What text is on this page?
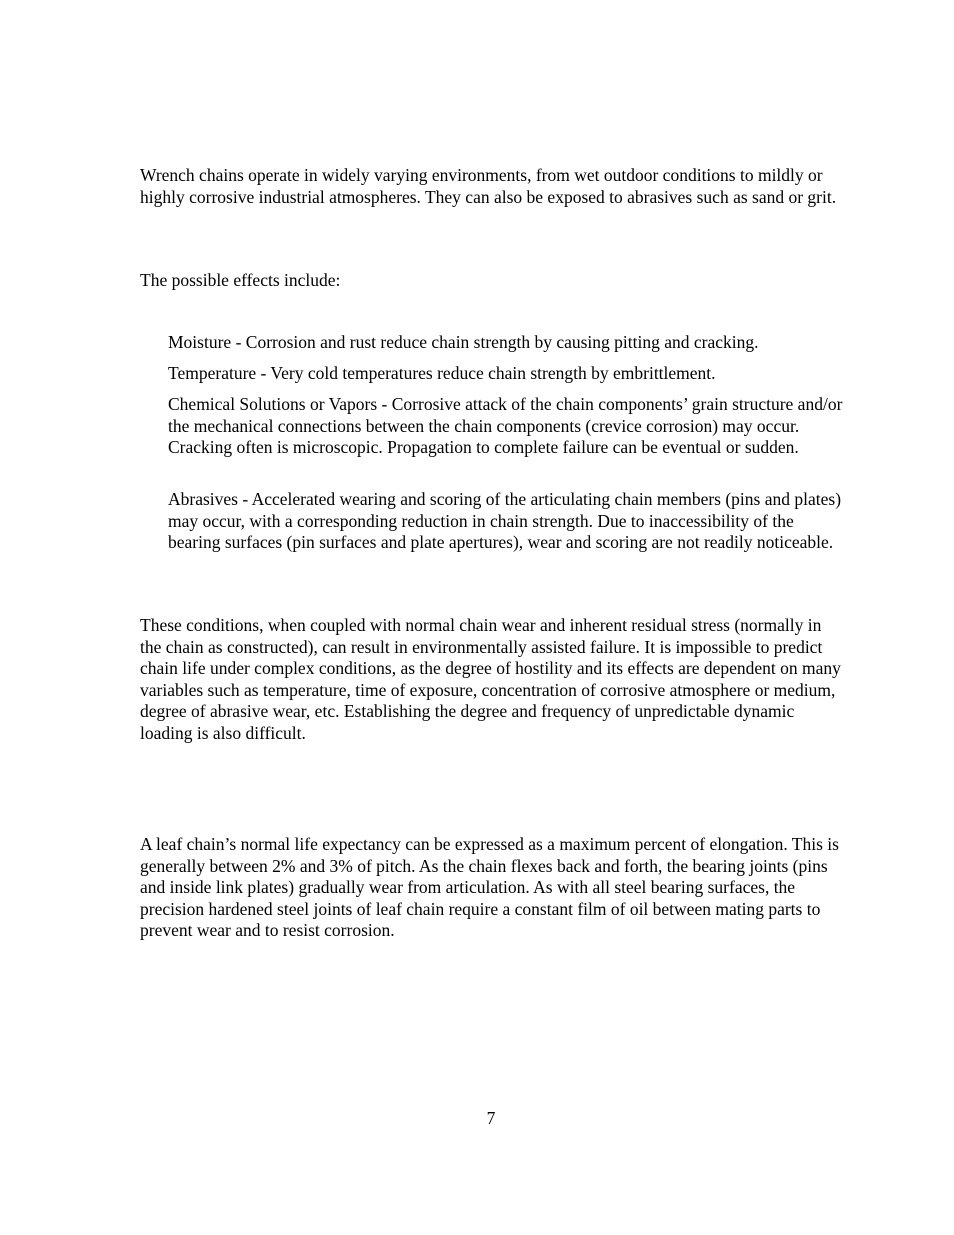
Wrench chains operate in widely varying environments, from wet outdoor conditions to mildly or highly corrosive industrial atmospheres. They can also be exposed to abrasives such as sand or grit.

The possible effects include:

Moisture - Corrosion and rust reduce chain strength by causing pitting and cracking.

Temperature - Very cold temperatures reduce chain strength by embrittlement.

Chemical Solutions or Vapors - Corrosive attack of the chain components’ grain structure and/or the mechanical connections between the chain components (crevice corrosion) may occur. Cracking often is microscopic. Propagation to complete failure can be eventual or sudden.

Abrasives - Accelerated wearing and scoring of the articulating chain members (pins and plates) may occur, with a corresponding reduction in chain strength. Due to inaccessibility of the bearing surfaces (pin surfaces and plate apertures), wear and scoring are not readily noticeable.

These conditions, when coupled with normal chain wear and inherent residual stress (normally in the chain as constructed), can result in environmentally assisted failure. It is impossible to predict chain life under complex conditions, as the degree of hostility and its effects are dependent on many variables such as temperature, time of exposure, concentration of corrosive atmosphere or medium, degree of abrasive wear, etc. Establishing the degree and frequency of unpredictable dynamic loading is also difficult.

A leaf chain’s normal life expectancy can be expressed as a maximum percent of elongation. This is generally between 2% and 3% of pitch. As the chain flexes back and forth, the bearing joints (pins and inside link plates) gradually wear from articulation. As with all steel bearing surfaces, the precision hardened steel joints of leaf chain require a constant film of oil between mating parts to prevent wear and to resist corrosion.

7
